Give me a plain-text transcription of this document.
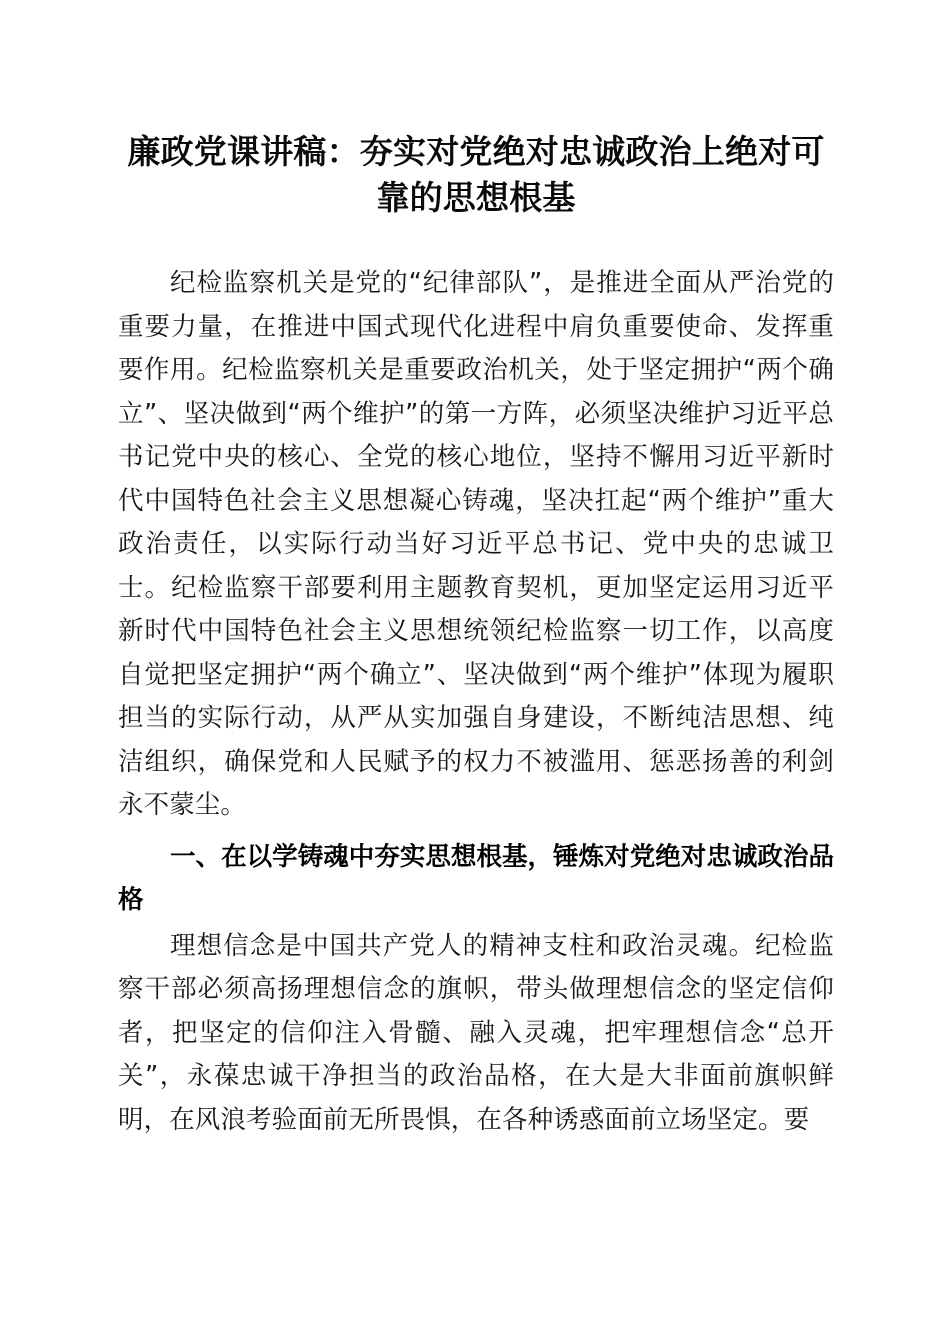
廉政党课讲稿：夯实对党绝对忠诚政治上绝对可靠的思想根基

纪检监察机关是党的“纪律部队”，是推进全面从严治党的重要力量，在推进中国式现代化进程中肩负重要使命、发挥重要作用。纪检监察机关是重要政治机关，处于坚定拥护“两个确立”、坚决做到“两个维护”的第一方阵，必须坚决维护习近平总书记党中央的核心、全党的核心地位，坚持不懈用习近平新时代中国特色社会主义思想凝心铸魂，坚决扛起“两个维护”重大政治责任，以实际行动当好习近平总书记、党中央的忠诚卫士。纪检监察干部要利用主题教育契机，更加坚定运用习近平新时代中国特色社会主义思想统领纪检监察一切工作，以高度自觉把坚定拥护“两个确立”、坚决做到“两个维护”体现为履职担当的实际行动，从严从实加强自身建设，不断纯洁思想、纯洁组织，确保党和人民赋予的权力不被滥用、惩恶扬善的利剑永不蒙尘。

一、在以学铸魂中夯实思想根基，锤炼对党绝对忠诚政治品格

理想信念是中国共产党人的精神支柱和政治灵魂。纪检监察干部必须高扬理想信念的旗帜，带头做理想信念的坚定信仰者，把坚定的信仰注入骨髓、融入灵魂，把牢理想信念“总开关”，永葆忠诚干净担当的政治品格，在大是大非面前旗帜鲜明，在风浪考验面前无所畏惧，在各种诱惑面前立场坚定。要
